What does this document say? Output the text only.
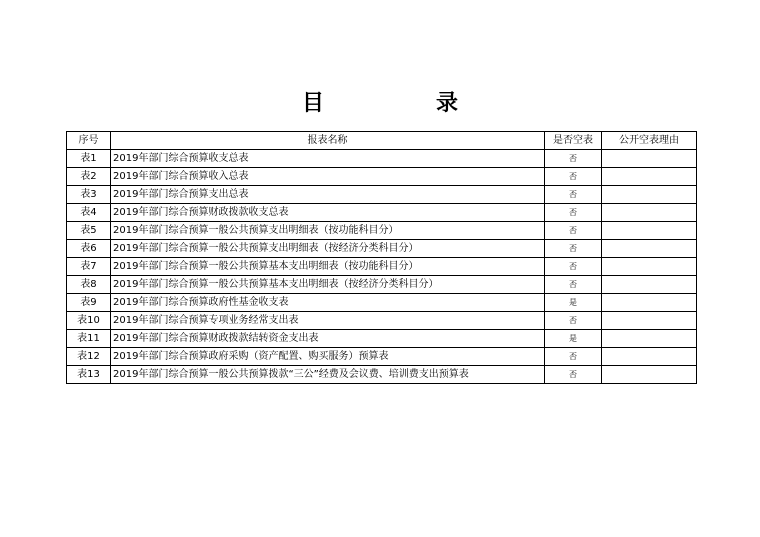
目	录
序号	报表名称	是否空表	公开空表理由
表1	2019年部门综合预算收支总表	否	
表2	2019年部门综合预算收入总表	否	
表3	2019年部门综合预算支出总表	否	
表4	2019年部门综合预算财政拨款收支总表	否	
表5	2019年部门综合预算一般公共预算支出明细表（按功能科目分）	否	
表6	2019年部门综合预算一般公共预算支出明细表（按经济分类科目分）	否	
表7	2019年部门综合预算一般公共预算基本支出明细表（按功能科目分）	否	
表8	2019年部门综合预算一般公共预算基本支出明细表（按经济分类科目分）	否	
表9	2019年部门综合预算政府性基金收支表	是	
表10	2019年部门综合预算专项业务经常支出表	否	
表11	2019年部门综合预算财政拨款结转资金支出表	是	
表12	2019年部门综合预算政府采购（资产配置、购买服务）预算表	否	
表13	2019年部门综合预算一般公共预算拨款“三公”经费及会议费、培训费支出预算表	否	
